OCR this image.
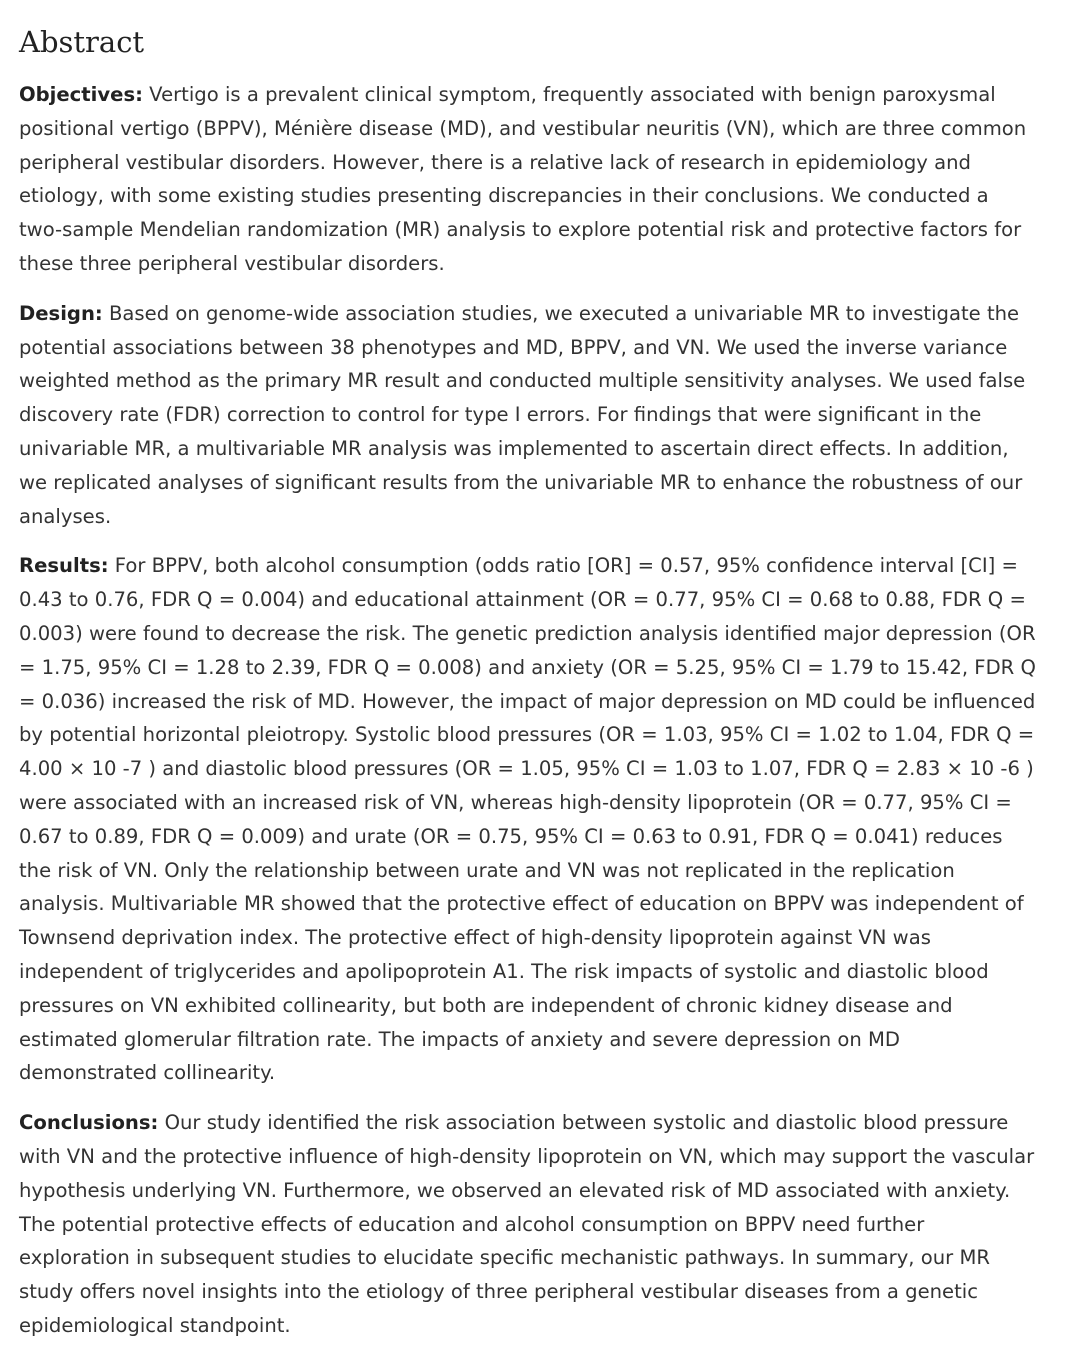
Abstract

Objectives: Vertigo is a prevalent clinical symptom, frequently associated with benign paroxysmal positional vertigo (BPPV), Ménière disease (MD), and vestibular neuritis (VN), which are three common peripheral vestibular disorders. However, there is a relative lack of research in epidemiology and etiology, with some existing studies presenting discrepancies in their conclusions. We conducted a two-sample Mendelian randomization (MR) analysis to explore potential risk and protective factors for these three peripheral vestibular disorders.

Design: Based on genome-wide association studies, we executed a univariable MR to investigate the potential associations between 38 phenotypes and MD, BPPV, and VN. We used the inverse variance weighted method as the primary MR result and conducted multiple sensitivity analyses. We used false discovery rate (FDR) correction to control for type I errors. For findings that were significant in the univariable MR, a multivariable MR analysis was implemented to ascertain direct effects. In addition, we replicated analyses of significant results from the univariable MR to enhance the robustness of our analyses.

Results: For BPPV, both alcohol consumption (odds ratio [OR] = 0.57, 95% confidence interval [CI] = 0.43 to 0.76, FDR Q = 0.004) and educational attainment (OR = 0.77, 95% CI = 0.68 to 0.88, FDR Q = 0.003) were found to decrease the risk. The genetic prediction analysis identified major depression (OR = 1.75, 95% CI = 1.28 to 2.39, FDR Q = 0.008) and anxiety (OR = 5.25, 95% CI = 1.79 to 15.42, FDR Q = 0.036) increased the risk of MD. However, the impact of major depression on MD could be influenced by potential horizontal pleiotropy. Systolic blood pressures (OR = 1.03, 95% CI = 1.02 to 1.04, FDR Q = 4.00 × 10 -7 ) and diastolic blood pressures (OR = 1.05, 95% CI = 1.03 to 1.07, FDR Q = 2.83 × 10 -6 ) were associated with an increased risk of VN, whereas high-density lipoprotein (OR = 0.77, 95% CI = 0.67 to 0.89, FDR Q = 0.009) and urate (OR = 0.75, 95% CI = 0.63 to 0.91, FDR Q = 0.041) reduces the risk of VN. Only the relationship between urate and VN was not replicated in the replication analysis. Multivariable MR showed that the protective effect of education on BPPV was independent of Townsend deprivation index. The protective effect of high-density lipoprotein against VN was independent of triglycerides and apolipoprotein A1. The risk impacts of systolic and diastolic blood pressures on VN exhibited collinearity, but both are independent of chronic kidney disease and estimated glomerular filtration rate. The impacts of anxiety and severe depression on MD demonstrated collinearity.

Conclusions: Our study identified the risk association between systolic and diastolic blood pressure with VN and the protective influence of high-density lipoprotein on VN, which may support the vascular hypothesis underlying VN. Furthermore, we observed an elevated risk of MD associated with anxiety. The potential protective effects of education and alcohol consumption on BPPV need further exploration in subsequent studies to elucidate specific mechanistic pathways. In summary, our MR study offers novel insights into the etiology of three peripheral vestibular diseases from a genetic epidemiological standpoint.
